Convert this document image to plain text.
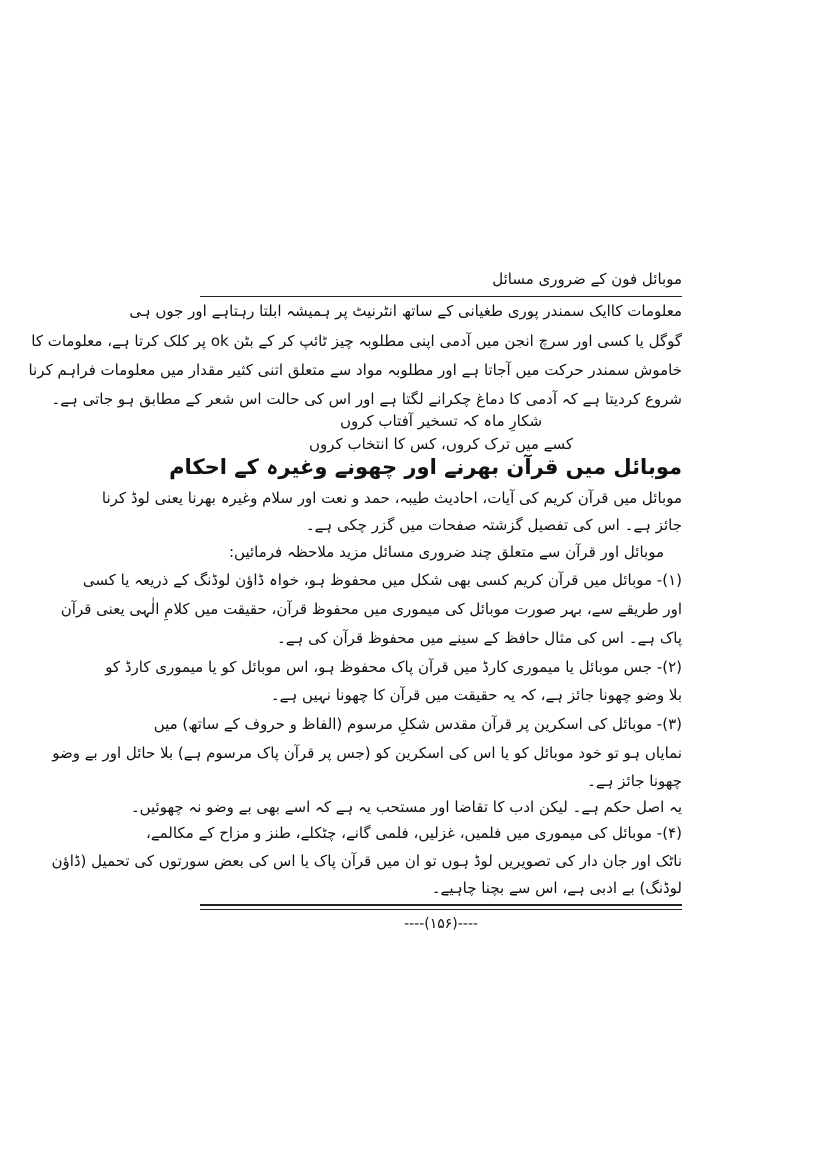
موبائل فون کے ضروری مسائل
معلومات کاایک سمندر پوری طغیانی کے ساتھ انٹرنیٹ پر ہمیشہ ابلتا رہتاہے اور جوں ہی
گوگل یا کسی اور سرچ انجن میں آدمی اپنی مطلوبہ چیز ٹائپ کر کے بٹن ok پر کلک کرتا ہے، معلومات کا
خاموش سمندر حرکت میں آجاتا ہے اور مطلوبہ مواد سے متعلق اتنی کثیر مقدار میں معلومات فراہم کرنا
شروع کردیتا ہے کہ آدمی کا دماغ چکرانے لگتا ہے اور اس کی حالت اس شعر کے مطابق ہو جاتی ہے۔
شکارِ ماہ کہ تسخیر آفتاب کروں
کسے میں ترک کروں، کس کا انتخاب کروں
موبائل میں قرآن بھرنے اور چھونے وغیرہ کے احکام
موبائل میں قرآن کریم کی آیات، احادیث طیبہ، حمد و نعت اور سلام وغیرہ بھرنا یعنی لوڈ کرنا
جائز ہے۔ اس کی تفصیل گزشتہ صفحات میں گزر چکی ہے۔
موبائل اور قرآن سے متعلق چند ضروری مسائل مزید ملاحظہ فرمائیں:
(۱)- موبائل میں قرآن کریم کسی بھی شکل میں محفوظ ہو، خواہ ڈاؤن لوڈنگ کے ذریعہ یا کسی
اور طریقے سے، بہر صورت موبائل کی میموری میں محفوظ قرآن، حقیقت میں کلامِ الٰہی یعنی قرآن
پاک ہے۔ اس کی مثال حافظ کے سینے میں محفوظ قرآن کی ہے۔
(۲)- جس موبائل یا میموری کارڈ میں قرآن پاک محفوظ ہو، اس موبائل کو یا میموری کارڈ کو
بلا وضو چھونا جائز ہے، کہ یہ حقیقت میں قرآن کا چھونا نہیں ہے۔
(۳)- موبائل کی اسکرین پر قرآن مقدس شکلِ مرسوم (الفاظ و حروف کے ساتھ) میں
نمایاں ہو تو خود موبائل کو یا اس کی اسکرین کو (جس پر قرآن پاک مرسوم ہے) بلا حائل اور بے وضو
چھونا جائز ہے۔
یہ اصل حکم ہے۔ لیکن ادب کا تقاضا اور مستحب یہ ہے کہ اسے بھی بے وضو نہ چھوئیں۔
(۴)- موبائل کی میموری میں فلمیں، غزلیں، فلمی گانے، چٹکلے، طنز و مزاح کے مکالمے،
ناٹک اور جان دار کی تصویریں لوڈ ہوں تو ان میں قرآن پاک یا اس کی بعض سورتوں کی تحمیل (ڈاؤن
لوڈنگ) بے ادبی ہے، اس سے بچنا چاہیے۔
----(۱۵۶)----
